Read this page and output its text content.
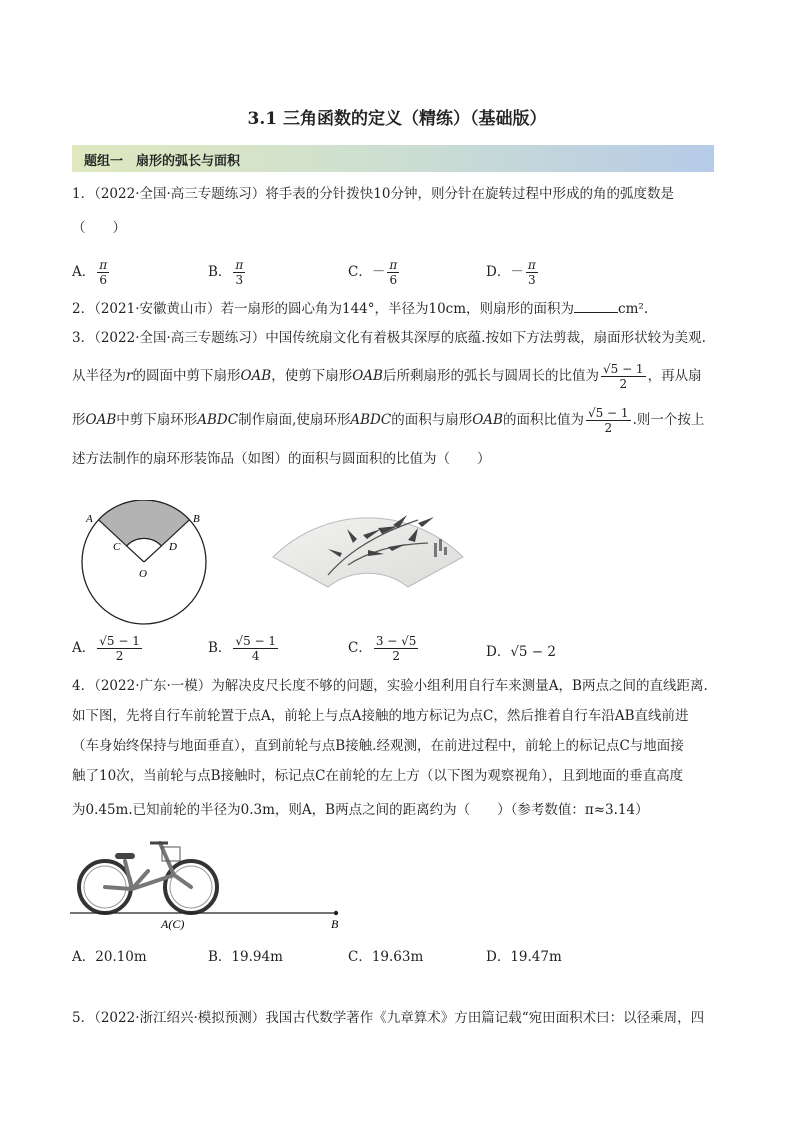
3.1 三角函数的定义（精练）（基础版）
题组一　扇形的弧长与面积
1．（2022·全国·高三专题练习）将手表的分针拨快10分钟，则分针在旋转过程中形成的角的弧度数是
（　　）
A． $\frac{\pi}{6}$	B． $\frac{\pi}{3}$	C．－ $\frac{\pi}{6}$	D．－ $\frac{\pi}{3}$
2．（2021·安徽黄山市）若一扇形的圆心角为144°，半径为10cm，则扇形的面积为	cm².
3．（2022·全国·高三专题练习）中国传统扇文化有着极其深厚的底蕴.按如下方法剪裁，扇面形状较为美观.
从半径为r的圆面中剪下扇形OAB，使剪下扇形OAB后所剩扇形的弧长与圆周长的比值为 $\frac{√5 - 1}{2}$ ，再从扇
形OAB中剪下扇环形ABDC制作扇面,使扇环形ABDC的面积与扇形OAB的面积比值为 $\frac{√5 - 1}{2}$ .则一个按上
述方法制作的扇环形装饰品（如图）的面积与圆面积的比值为（　　）
A	B
C	D
O
A． $\frac{√5 - 1}{2}$	B． $\frac{√5 - 1}{4}$	C． $\frac{3 - √5}{2}$	D．√5 − 2
4．（2022·广东·一模）为解决皮尺长度不够的问题，实验小组利用自行车来测量A，B两点之间的直线距离.
如下图，先将自行车前轮置于点A，前轮上与点A接触的地方标记为点C，然后推着自行车沿AB直线前进
（车身始终保持与地面垂直），直到前轮与点B接触.经观测，在前进过程中，前轮上的标记点C与地面接
触了10次，当前轮与点B接触时，标记点C在前轮的左上方（以下图为观察视角），且到地面的垂直高度
为0.45m.已知前轮的半径为0.3m，则A，B两点之间的距离约为（　　）（参考数值：π≈3.14）
A(C)	B
A．20.10m	B．19.94m	C．19.63m	D．19.47m
5．（2022·浙江绍兴·模拟预测）我国古代数学著作《九章算术》方田篇记载“宛田面积术曰：以径乘周，四
